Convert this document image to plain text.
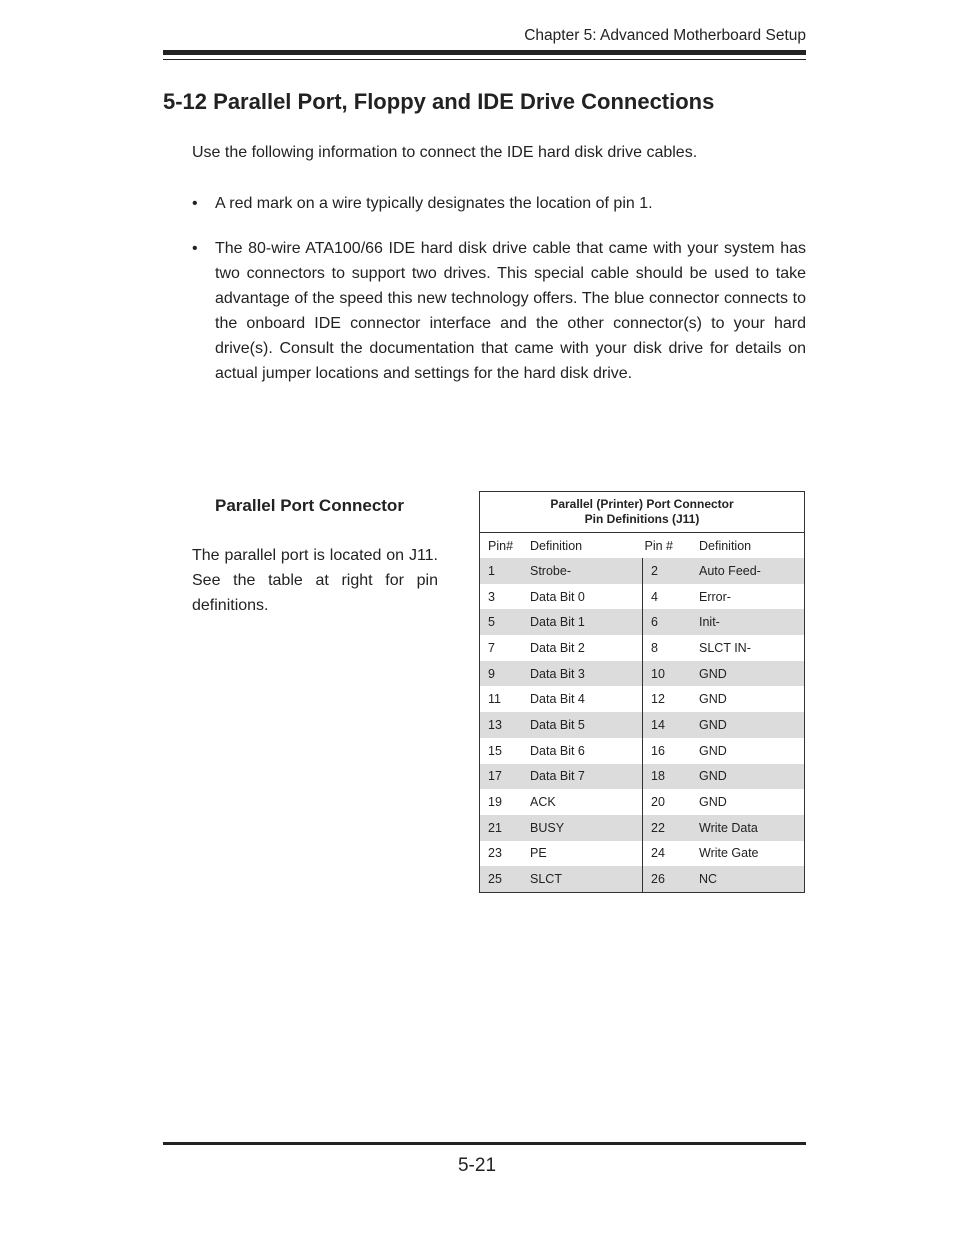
Chapter 5: Advanced Motherboard Setup
5-12 Parallel Port, Floppy and IDE Drive Connections

Use the following information to connect the IDE hard disk drive cables.

• A red mark on a wire typically designates the location of pin 1.
• The 80-wire ATA100/66 IDE hard disk drive cable that came with your system has two connectors to support two drives. This special cable should be used to take advantage of the speed this new technology offers. The blue connector connects to the onboard IDE connector interface and the other connector(s) to your hard drive(s). Consult the documentation that came with your disk drive for details on actual jumper locations and settings for the hard disk drive.
Parallel Port Connector

The parallel port is located on J11. See the table at right for pin definitions.

Parallel (Printer) Port Connector
Pin Definitions (J11)			

Pin#	Definition	Pin #	Definition
1	Strobe-	2	Auto Feed-
3	Data Bit 0	4	Error-
5	Data Bit 1	6	Init-
7	Data Bit 2	8	SLCT IN-
9	Data Bit 3	10	GND
11	Data Bit 4	12	GND
13	Data Bit 5	14	GND
15	Data Bit 6	16	GND
17	Data Bit 7	18	GND
19	ACK	20	GND
21	BUSY	22	Write Data
23	PE	24	Write Gate
25	SLCT	26	NC
5-21
